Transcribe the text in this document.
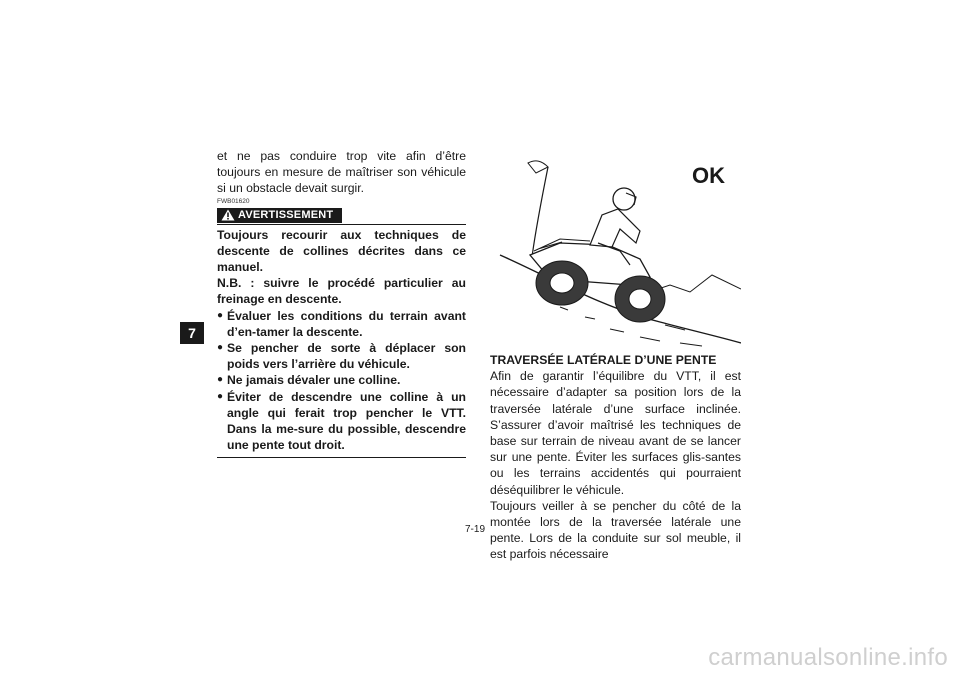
7

et ne pas conduire trop vite afin d’être toujours en mesure de maîtriser son véhicule si un obstacle devait surgir.

FWB01620
AVERTISSEMENT

Toujours recourir aux techniques de descente de collines décrites dans ce manuel.

N.B. : suivre le procédé particulier au freinage en descente.

● Évaluer les conditions du terrain avant d’en-tamer la descente.
● Se pencher de sorte à déplacer son poids vers l’arrière du véhicule.
● Ne jamais dévaler une colline.
● Éviter de descendre une colline à un angle qui ferait trop pencher le VTT. Dans la me-sure du possible, descendre une pente tout droit.
OK

TRAVERSÉE LATÉRALE D’UNE PENTE

Afin de garantir l’équilibre du VTT, il est nécessaire d’adapter sa position lors de la traversée latérale d’une surface inclinée. S’assurer d’avoir maîtrisé les techniques de base sur terrain de niveau avant de se lancer sur une pente. Éviter les surfaces glis-santes ou les terrains accidentés qui pourraient déséquilibrer le véhicule.

Toujours veiller à se pencher du côté de la montée lors de la traversée latérale une pente. Lors de la conduite sur sol meuble, il est parfois nécessaire

7-19
carmanualsonline.info
